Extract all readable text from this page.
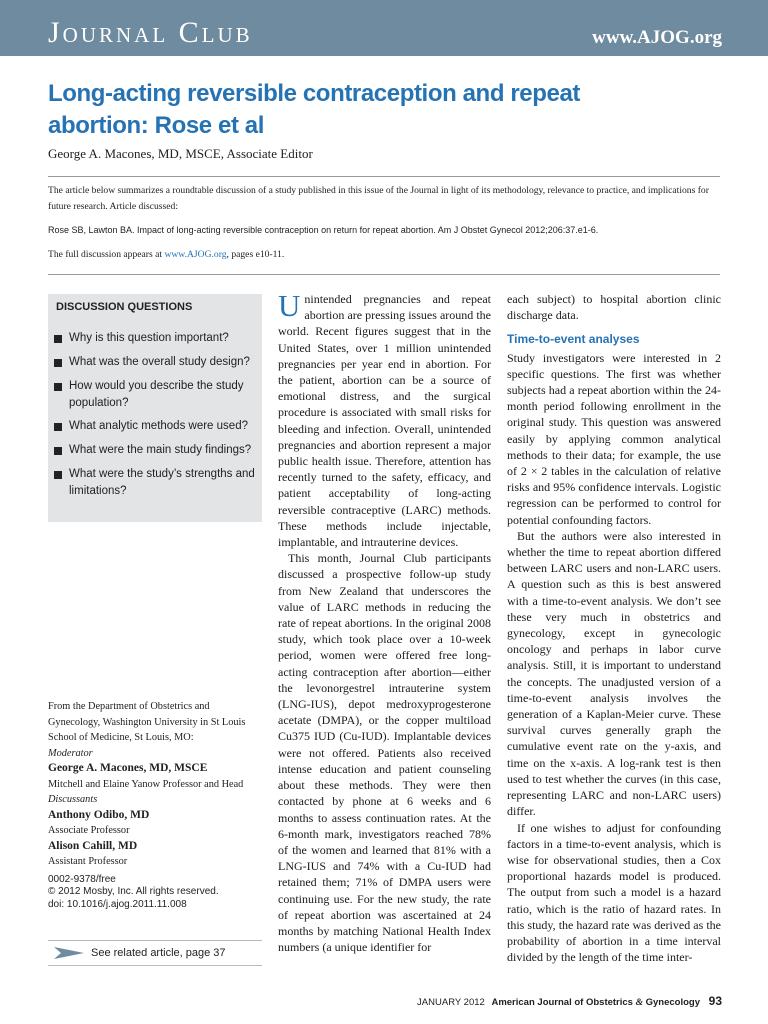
Journal Club	www.AJOG.org
Long-acting reversible contraception and repeat abortion: Rose et al
George A. Macones, MD, MSCE, Associate Editor

The article below summarizes a roundtable discussion of a study published in this issue of the Journal in light of its methodology, relevance to practice, and implications for future research. Article discussed:

Rose SB, Lawton BA. Impact of long-acting reversible contraception on return for repeat abortion. Am J Obstet Gynecol 2012;206:37.e1-6.

The full discussion appears at www.AJOG.org, pages e10-11.

DISCUSSION QUESTIONS
Why is this question important?
What was the overall study design?
How would you describe the study population?
What analytic methods were used?
What were the main study findings?
What were the study’s strengths and limitations?
From the Department of Obstetrics and Gynecology, Washington University in St Louis School of Medicine, St Louis, MO:
Moderator
George A. Macones, MD, MSCE
Mitchell and Elaine Yanow Professor and Head
Discussants
Anthony Odibo, MD
Associate Professor
Alison Cahill, MD
Assistant Professor
0002-9378/free
© 2012 Mosby, Inc. All rights reserved.
doi: 10.1016/j.ajog.2011.11.008
See related article, page 37

Unintended pregnancies and repeat abortion are pressing issues around the world. Recent figures suggest that in the United States, over 1 million unintended pregnancies per year end in abortion. For the patient, abortion can be a source of emotional distress, and the surgical procedure is associated with small risks for bleeding and infection. Overall, unintended pregnancies and abortion represent a major public health issue. Therefore, attention has recently turned to the safety, efficacy, and patient acceptability of long-acting reversible contraceptive (LARC) methods. These methods include injectable, implantable, and intrauterine devices.

This month, Journal Club participants discussed a prospective follow-up study from New Zealand that underscores the value of LARC methods in reducing the rate of repeat abortions. In the original 2008 study, which took place over a 10-week period, women were offered free long-acting contraception after abortion—either the levonorgestrel intrauterine system (LNG-IUS), depot medroxyprogesterone acetate (DMPA), or the copper multiload Cu375 IUD (Cu-IUD). Implantable devices were not offered. Patients also received intense education and patient counseling about these methods. They were then contacted by phone at 6 weeks and 6 months to assess continuation rates. At the 6-month mark, investigators reached 78% of the women and learned that 81% with a LNG-IUS and 74% with a Cu-IUD had retained them; 71% of DMPA users were continuing use. For the new study, the rate of repeat abortion was ascertained at 24 months by matching National Health Index numbers (a unique identifier for

each subject) to hospital abortion clinic discharge data.

Time-to-event analyses

Study investigators were interested in 2 specific questions. The first was whether subjects had a repeat abortion within the 24-month period following enrollment in the original study. This question was answered easily by applying common analytical methods to their data; for example, the use of 2 × 2 tables in the calculation of relative risks and 95% confidence intervals. Logistic regression can be performed to control for potential confounding factors.

But the authors were also interested in whether the time to repeat abortion differed between LARC users and non-LARC users. A question such as this is best answered with a time-to-event analysis. We don’t see these very much in obstetrics and gynecology, except in gynecologic oncology and perhaps in labor curve analysis. Still, it is important to understand the concepts. The unadjusted version of a time-to-event analysis involves the generation of a Kaplan-Meier curve. These survival curves generally graph the cumulative event rate on the y-axis, and time on the x-axis. A log-rank test is then used to test whether the curves (in this case, representing LARC and non-LARC users) differ.

If one wishes to adjust for confounding factors in a time-to-event analysis, which is wise for observational studies, then a Cox proportional hazards model is produced. The output from such a model is a hazard ratio, which is the ratio of hazard rates. In this study, the hazard rate was derived as the probability of abortion in a time interval divided by the length of the time inter-

JANUARY 2012 American Journal of Obstetrics & Gynecology 93
